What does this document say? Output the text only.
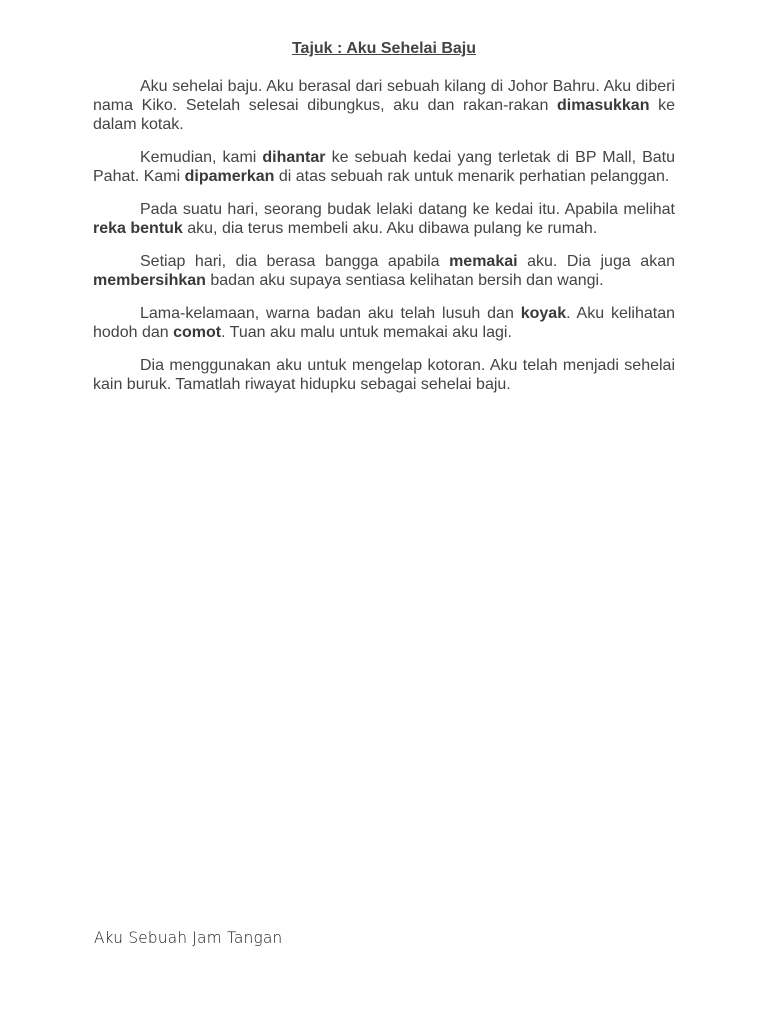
Tajuk : Aku Sehelai Baju

Aku sehelai baju. Aku berasal dari sebuah kilang di Johor Bahru. Aku diberi nama Kiko. Setelah selesai dibungkus, aku dan rakan-rakan dimasukkan ke dalam kotak.

Kemudian, kami dihantar ke sebuah kedai yang terletak di BP Mall, Batu Pahat. Kami dipamerkan di atas sebuah rak untuk menarik perhatian pelanggan.

Pada suatu hari, seorang budak lelaki datang ke kedai itu. Apabila melihat reka bentuk aku, dia terus membeli aku. Aku dibawa pulang ke rumah.

Setiap hari, dia berasa bangga apabila memakai aku. Dia juga akan membersihkan badan aku supaya sentiasa kelihatan bersih dan wangi.

Lama-kelamaan, warna badan aku telah lusuh dan koyak. Aku kelihatan hodoh dan comot. Tuan aku malu untuk memakai aku lagi.

Dia menggunakan aku untuk mengelap kotoran. Aku telah menjadi sehelai kain buruk. Tamatlah riwayat hidupku sebagai sehelai baju.

Aku Sebuah Jam Tangan
